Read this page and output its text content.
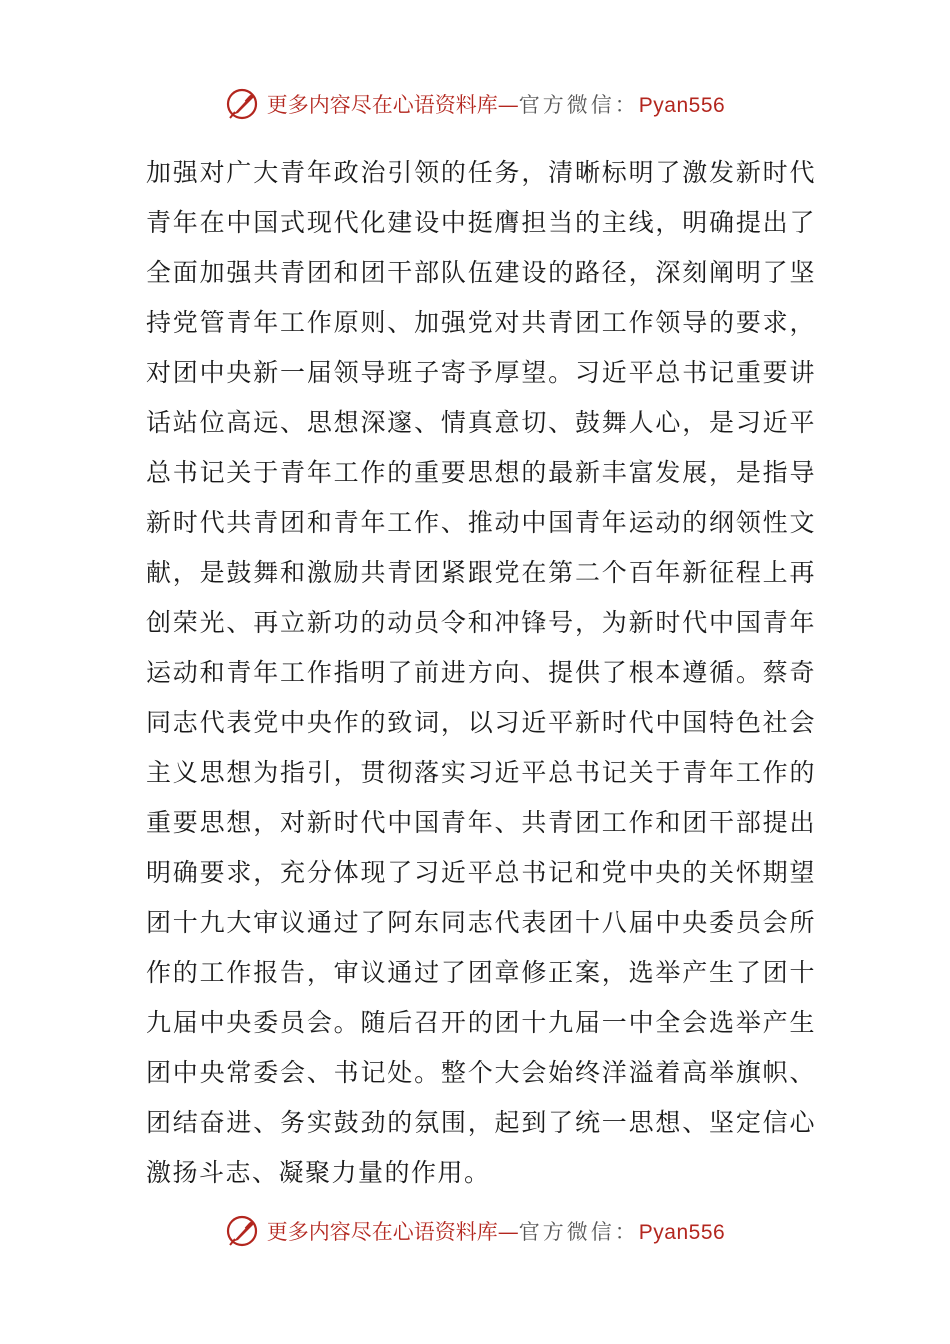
更多内容尽在心语资料库 — 官方微信： Pyan556
加强对广大青年政治引领的任务，清晰标明了激发新时代
青年在中国式现代化建设中挺膺担当的主线，明确提出了
全面加强共青团和团干部队伍建设的路径，深刻阐明了坚
持党管青年工作原则、加强党对共青团工作领导的要求，
对团中央新一届领导班子寄予厚望。习近平总书记重要讲
话站位高远、思想深邃、情真意切、鼓舞人心，是习近平
总书记关于青年工作的重要思想的最新丰富发展，是指导
新时代共青团和青年工作、推动中国青年运动的纲领性文
献，是鼓舞和激励共青团紧跟党在第二个百年新征程上再
创荣光、再立新功的动员令和冲锋号，为新时代中国青年
运动和青年工作指明了前进方向、提供了根本遵循。蔡奇
同志代表党中央作的致词，以习近平新时代中国特色社会
主义思想为指引，贯彻落实习近平总书记关于青年工作的
重要思想，对新时代中国青年、共青团工作和团干部提出
明确要求，充分体现了习近平总书记和党中央的关怀期望
团十九大审议通过了阿东同志代表团十八届中央委员会所
作的工作报告，审议通过了团章修正案，选举产生了团十
九届中央委员会。随后召开的团十九届一中全会选举产生
团中央常委会、书记处。整个大会始终洋溢着高举旗帜、
团结奋进、务实鼓劲的氛围，起到了统一思想、坚定信心
激扬斗志、凝聚力量的作用。
更多内容尽在心语资料库 — 官方微信： Pyan556
